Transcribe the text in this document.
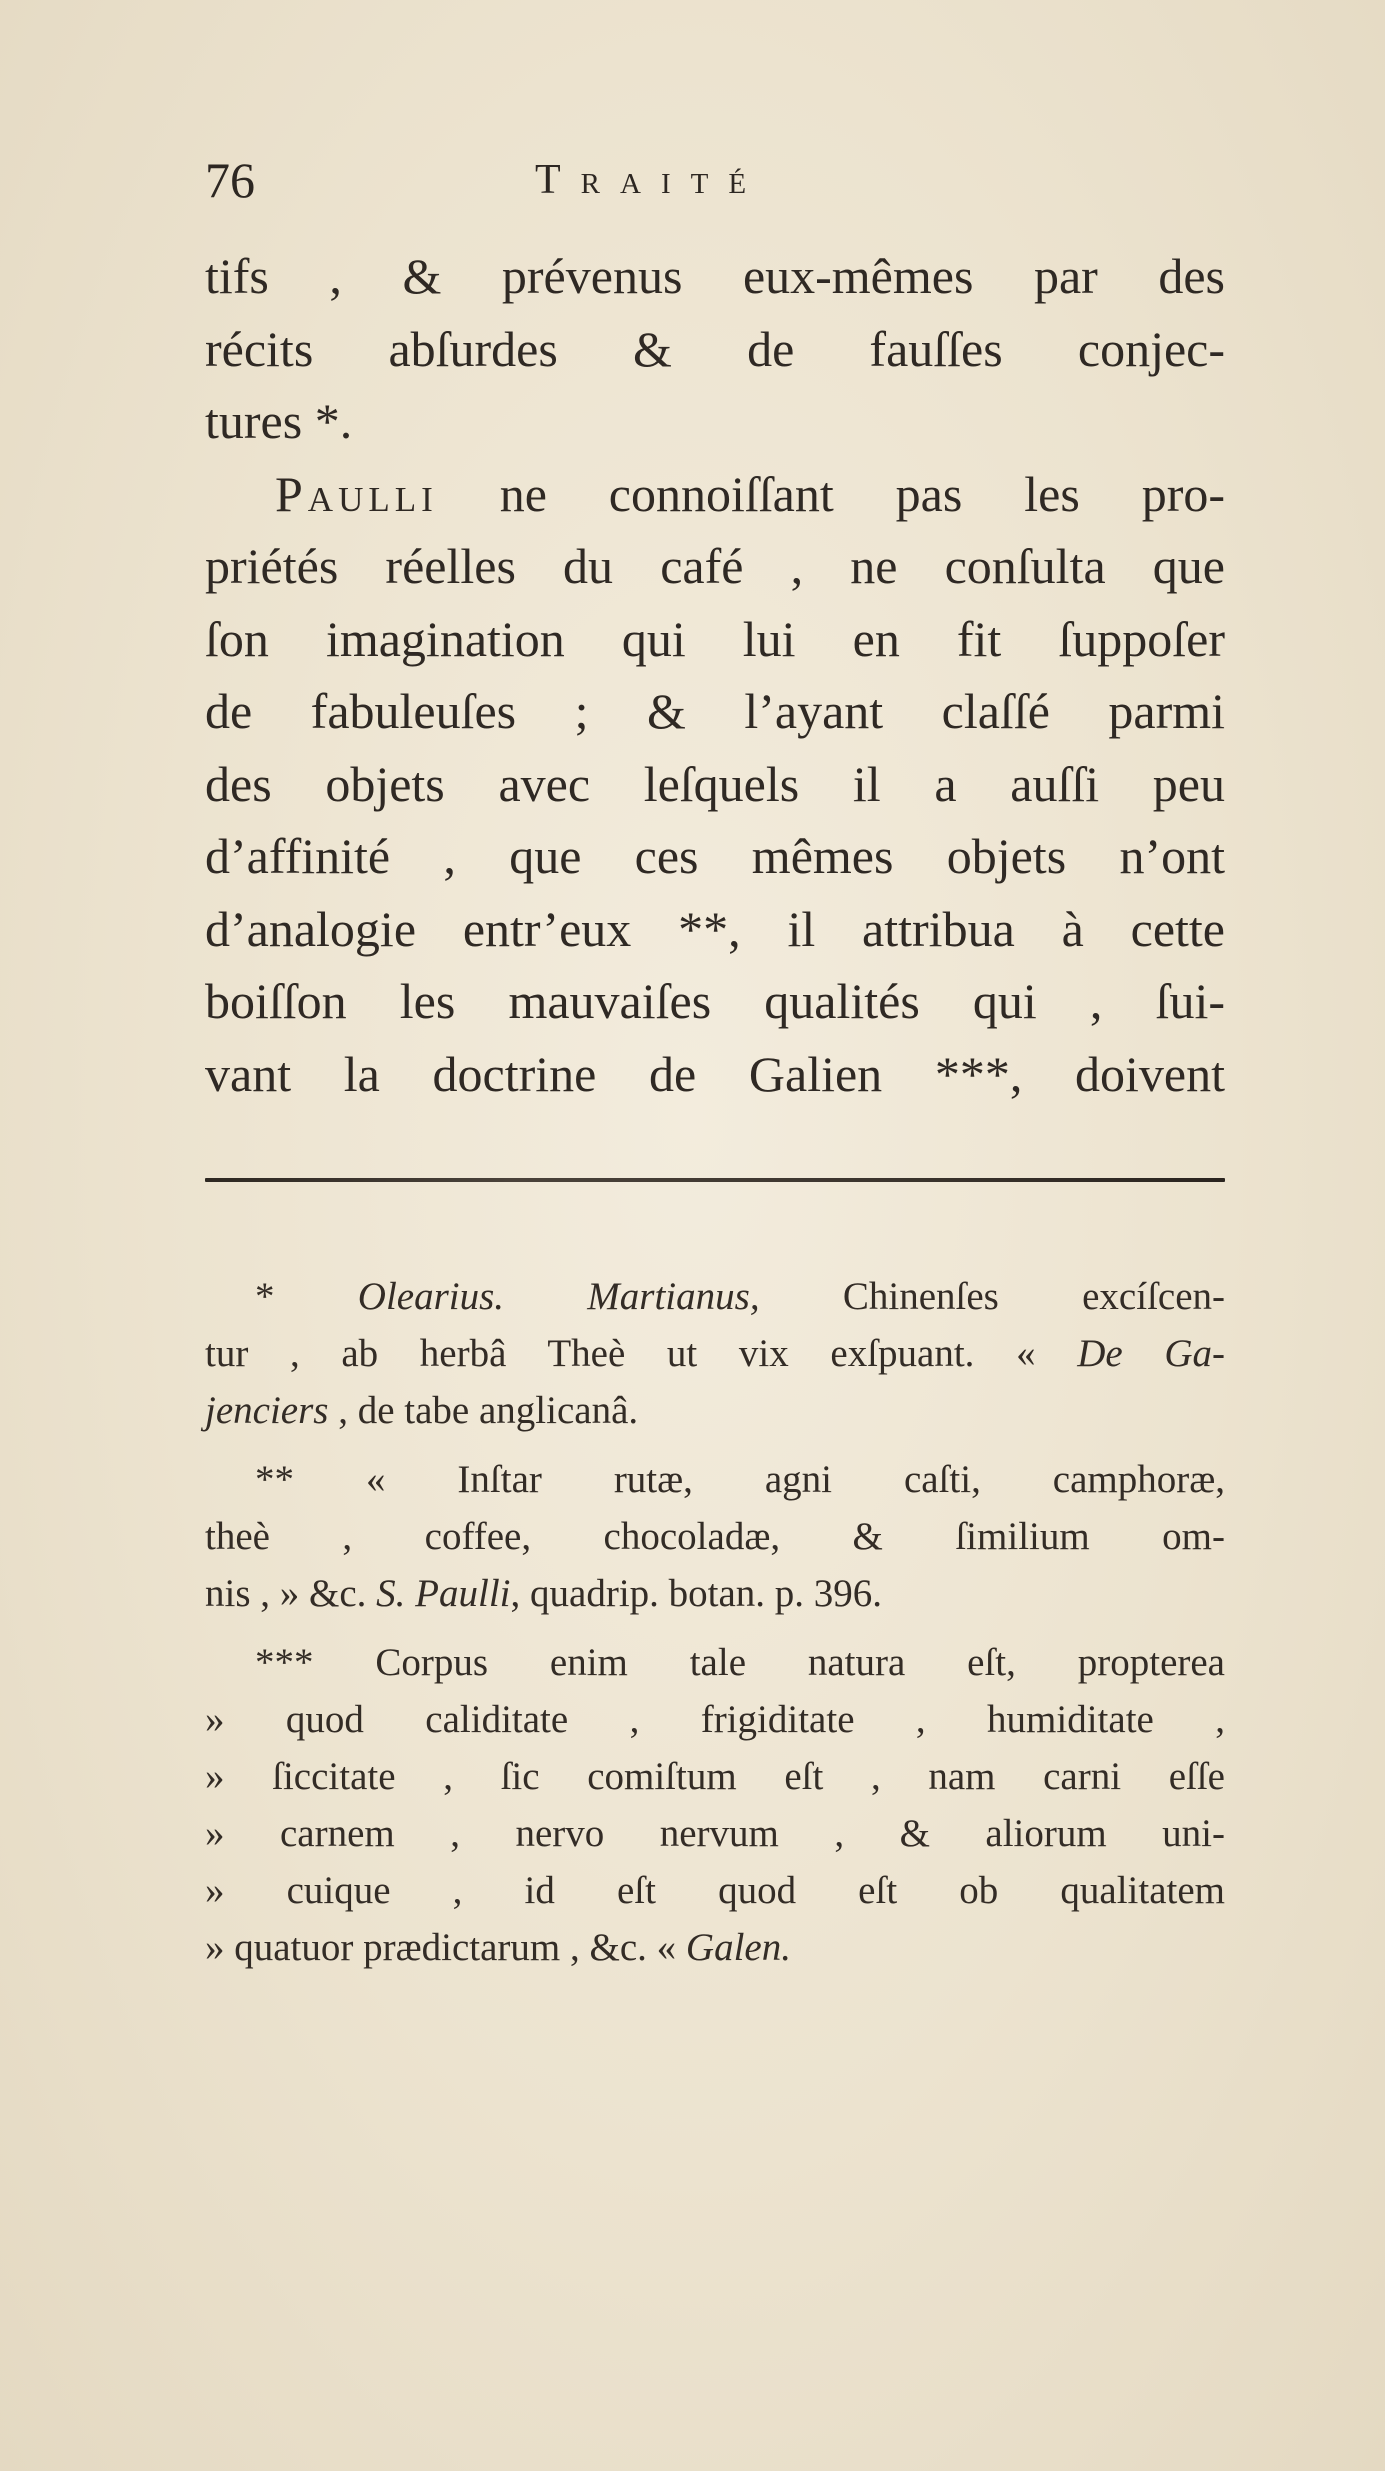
76	Traité
tifs , & prévenus eux-mêmes par des
récits abſurdes & de fauſſes conjec-
tures *.
Paulli ne connoiſſant pas les pro-
priétés réelles du café , ne conſulta que
ſon imagination qui lui en fit ſuppoſer
de fabuleuſes ; & l’ayant claſſé parmi
des objets avec leſquels il a auſſi peu
d’affinité , que ces mêmes objets n’ont
d’analogie entr’eux **, il attribua à cette
boiſſon les mauvaiſes qualités qui , ſui-
vant la doctrine de Galien ***, doivent
* Olearius. Martianus, Chinenſes excíſcen-
tur , ab herbâ Theè ut vix exſpuant. « De Ga-
jenciers , de tabe anglicanâ.
** « Inſtar rutæ, agni caſti, camphoræ,
theè , coffee, chocoladæ, & ſimilium om-
nis , » &c. S. Paulli, quadrip. botan. p. 396.
*** Corpus enim tale natura eſt, propterea
» quod caliditate , frigiditate , humiditate ,
» ſiccitate , ſic comiſtum eſt , nam carni eſſe
» carnem , nervo nervum , & aliorum uni-
» cuique , id eſt quod eſt ob qualitatem
» quatuor prædictarum , &c. « Galen.
